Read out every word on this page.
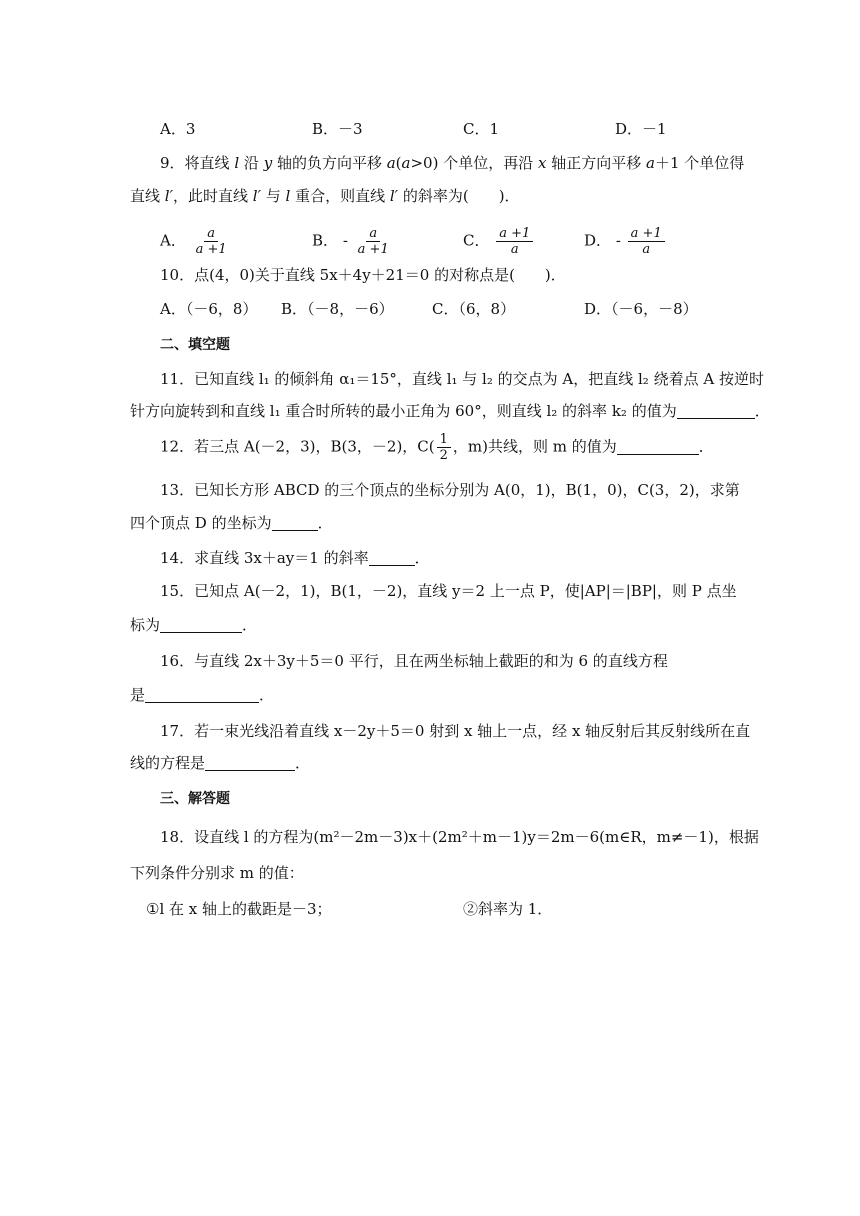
A．3	B．－3	C．1	D．－1
9．将直线 l 沿 y 轴的负方向平移 a(a>0) 个单位，再沿 x 轴正方向平移 a＋1 个单位得
直线 l′，此时直线 l′ 与 l 重合，则直线 l′ 的斜率为(　　)．
A． $\frac{a}{a +1}$	B． - $\frac{a}{a +1}$	C． $\frac{a +1}{a}$	D． - $\frac{a +1}{a}$
10．点(4，0)关于直线 5x＋4y＋21＝0 的对称点是(　　)．
A．（－6，8） B．（－8，－6）	C．（6，8）	D．（－6，－8）
二、填空题
11．已知直线 l₁ 的倾斜角 α₁＝15°，直线 l₁ 与 l₂ 的交点为 A，把直线 l₂ 绕着点 A 按逆时
针方向旋转到和直线 l₁ 重合时所转的最小正角为 60°，则直线 l₂ 的斜率 k₂ 的值为	．
12．若三点 A(－2，3)，B(3，－2)，$C( \frac{1}{2}$ ，m)共线，则 m 的值为	．
13．已知长方形 ABCD 的三个顶点的坐标分别为 A(0，1)，B(1，0)，C(3，2)，求第
四个顶点 D 的坐标为	．
14．求直线 3x＋ay＝1 的斜率	．
15．已知点 A(－2，1)，B(1，－2)，直线 y＝2 上一点 P，使|AP|＝|BP|，则 P 点坐
标为	．
16．与直线 2x＋3y＋5＝0 平行，且在两坐标轴上截距的和为 6 的直线方程
是	．
17．若一束光线沿着直线 x－2y＋5＝0 射到 x 轴上一点，经 x 轴反射后其反射线所在直
线的方程是	．
三、解答题
18．设直线 l 的方程为(m²－2m－3)x＋(2m²＋m－1)y＝2m－6(m∈R，m≠－1)，根据
下列条件分别求 m 的值：
①l 在 x 轴上的截距是－3；	②斜率为 1．
